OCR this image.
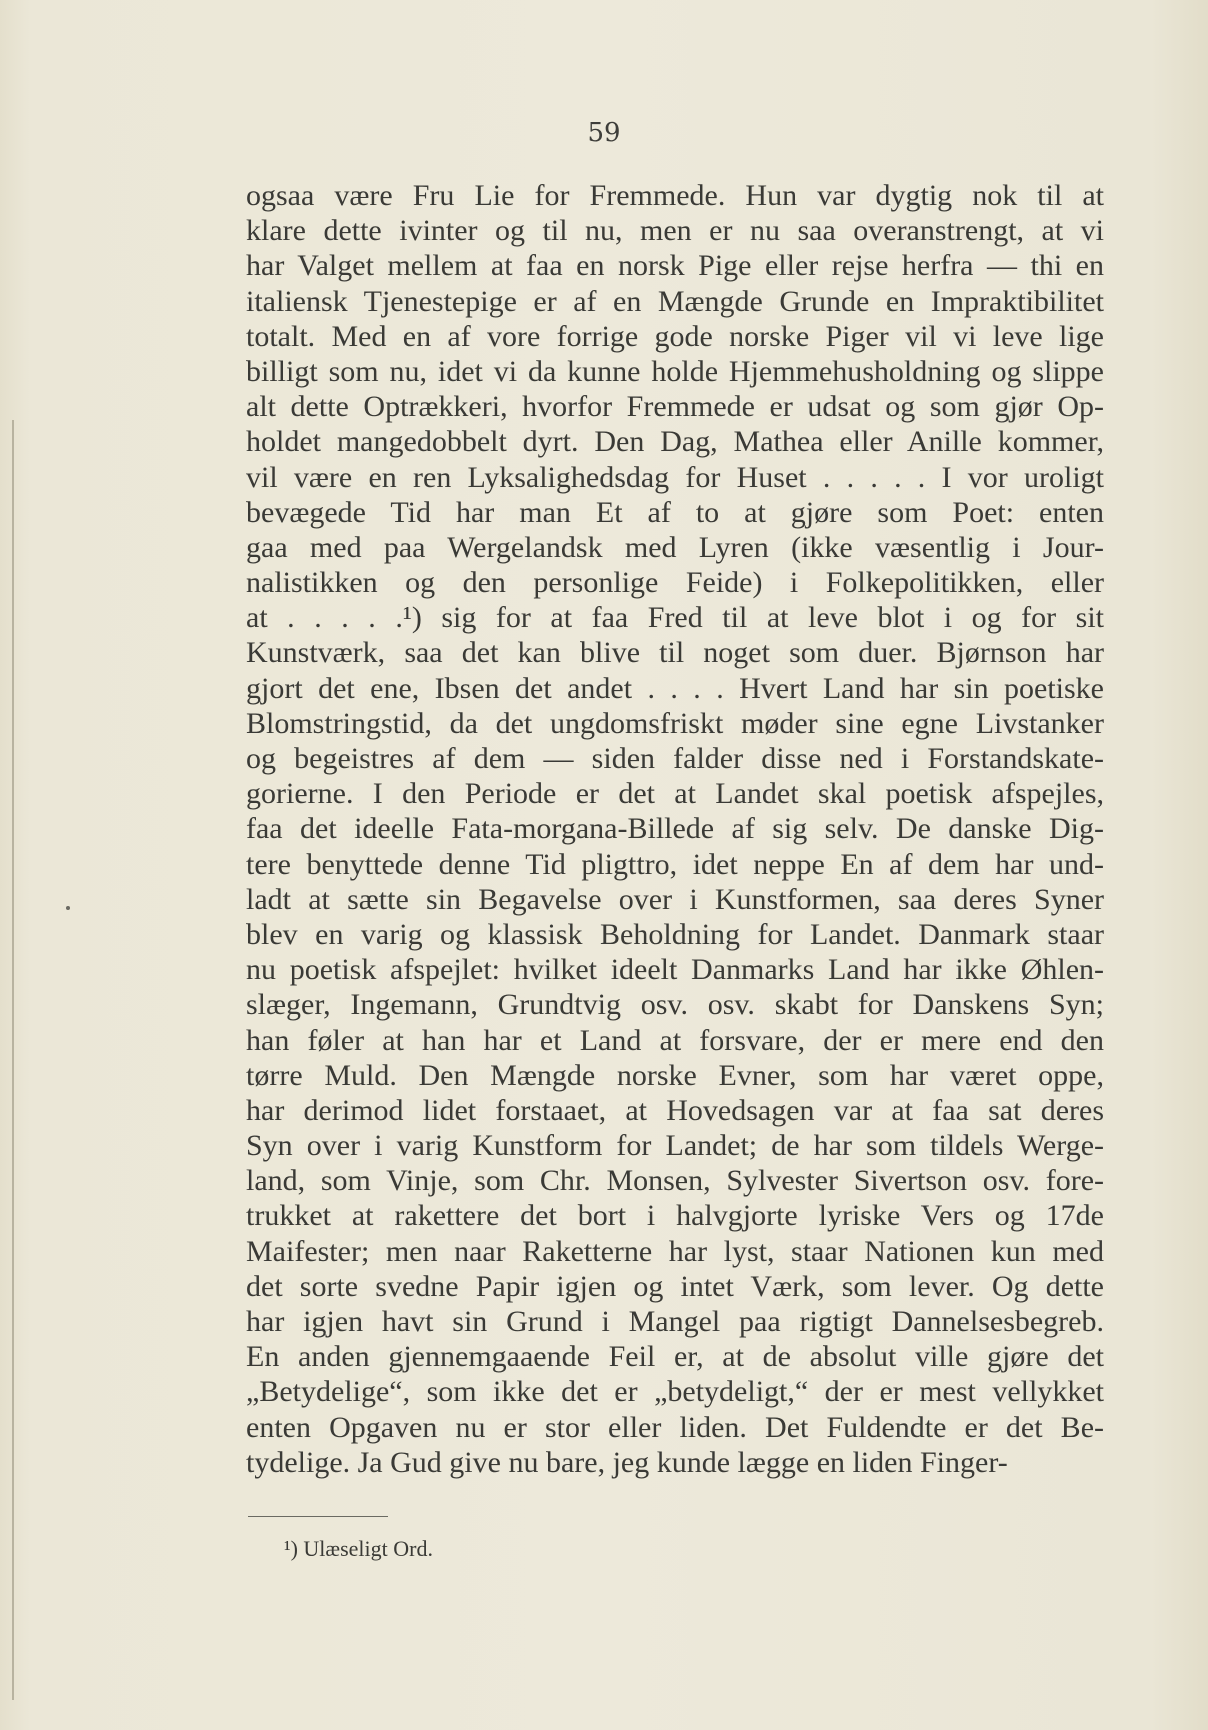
59
ogsaa være Fru Lie for Fremmede. Hun var dygtig nok til at
klare dette ivinter og til nu, men er nu saa overanstrengt, at vi
har Valget mellem at faa en norsk Pige eller rejse herfra — thi en
italiensk Tjenestepige er af en Mængde Grunde en Impraktibilitet
totalt. Med en af vore forrige gode norske Piger vil vi leve lige
billigt som nu, idet vi da kunne holde Hjemmehusholdning og slippe
alt dette Optrækkeri, hvorfor Fremmede er udsat og som gjør Op-
holdet mangedobbelt dyrt. Den Dag, Mathea eller Anille kommer,
vil være en ren Lyksalighedsdag for Huset . . . . . I vor uroligt
bevægede Tid har man Et af to at gjøre som Poet: enten
gaa med paa Wergelandsk med Lyren (ikke væsentlig i Jour-
nalistikken og den personlige Feide) i Folkepolitikken, eller
at . . . . .¹) sig for at faa Fred til at leve blot i og for sit
Kunstværk, saa det kan blive til noget som duer. Bjørnson har
gjort det ene, Ibsen det andet . . . . Hvert Land har sin poetiske
Blomstringstid, da det ungdomsfriskt møder sine egne Livstanker
og begeistres af dem — siden falder disse ned i Forstandskate-
gorierne. I den Periode er det at Landet skal poetisk afspejles,
faa det ideelle Fata-morgana-Billede af sig selv. De danske Dig-
tere benyttede denne Tid pligttro, idet neppe En af dem har und-
ladt at sætte sin Begavelse over i Kunstformen, saa deres Syner
blev en varig og klassisk Beholdning for Landet. Danmark staar
nu poetisk afspejlet: hvilket ideelt Danmarks Land har ikke Øhlen-
slæger, Ingemann, Grundtvig osv. osv. skabt for Danskens Syn;
han føler at han har et Land at forsvare, der er mere end den
tørre Muld. Den Mængde norske Evner, som har været oppe,
har derimod lidet forstaaet, at Hovedsagen var at faa sat deres
Syn over i varig Kunstform for Landet; de har som tildels Werge-
land, som Vinje, som Chr. Monsen, Sylvester Sivertson osv. fore-
trukket at rakettere det bort i halvgjorte lyriske Vers og 17de
Maifester; men naar Raketterne har lyst, staar Nationen kun med
det sorte svedne Papir igjen og intet Værk, som lever. Og dette
har igjen havt sin Grund i Mangel paa rigtigt Dannelsesbegreb.
En anden gjennemgaaende Feil er, at de absolut ville gjøre det
„Betydelige“, som ikke det er „betydeligt,“ der er mest vellykket
enten Opgaven nu er stor eller liden. Det Fuldendte er det Be-
tydelige. Ja Gud give nu bare, jeg kunde lægge en liden Finger-
¹) Ulæseligt Ord.
